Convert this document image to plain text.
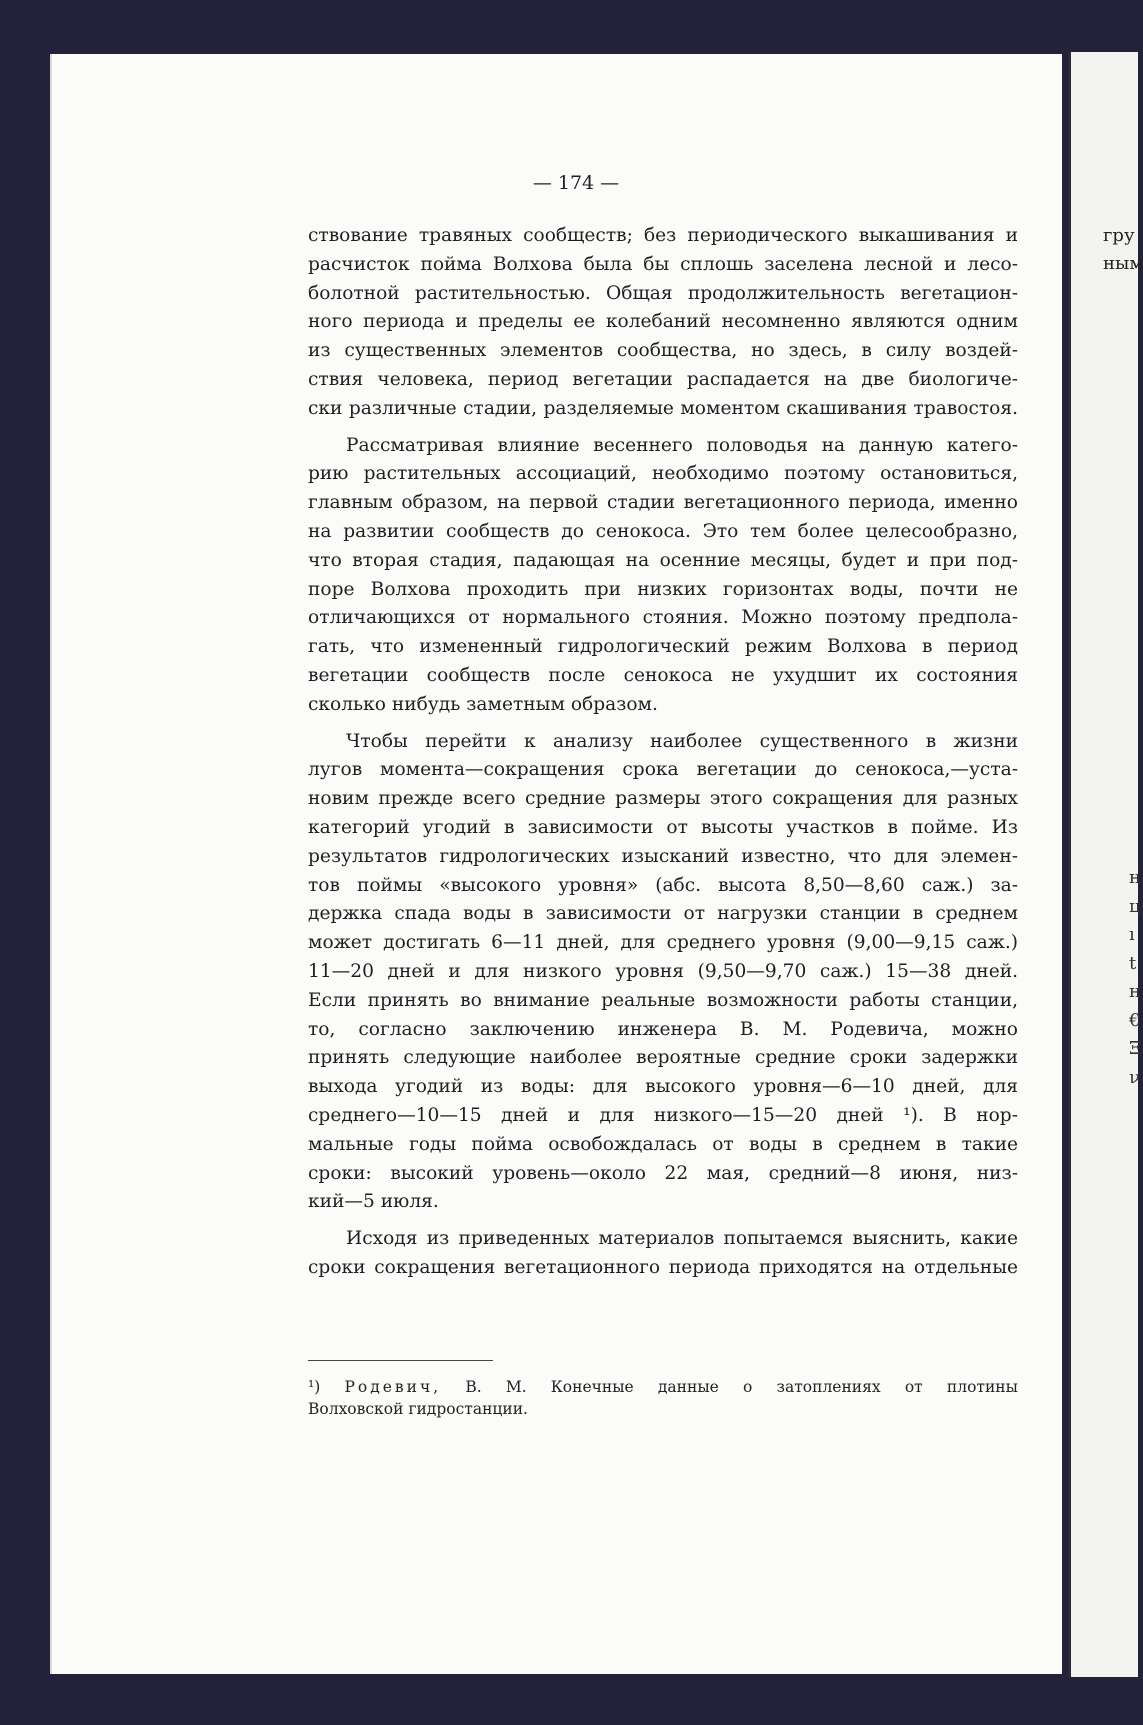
— 174 —
ствование травяных сообществ; без периодического выкашивания и
расчисток пойма Волхова была бы сплошь заселена лесной и лесо-
болотной растительностью. Общая продолжительность вегетацион-
ного периода и пределы ее колебаний несомненно являются одним
из существенных элементов сообщества, но здесь, в силу воздей-
ствия человека, период вегетации распадается на две биологиче-
ски различные стадии, разделяемые моментом скашивания травостоя.
Рассматривая влияние весеннего половодья на данную катего-
рию растительных ассоциаций, необходимо поэтому остановиться,
главным образом, на первой стадии вегетационного периода, именно
на развитии сообществ до сенокоса. Это тем более целесообразно,
что вторая стадия, падающая на осенние месяцы, будет и при под-
поре Волхова проходить при низких горизонтах воды, почти не
отличающихся от нормального стояния. Можно поэтому предпола-
гать, что измененный гидрологический режим Волхова в период
вегетации сообществ после сенокоса не ухудшит их состояния
сколько нибудь заметным образом.
Чтобы перейти к анализу наиболее существенного в жизни
лугов момента—сокращения срока вегетации до сенокоса,—уста-
новим прежде всего средние размеры этого сокращения для разных
категорий угодий в зависимости от высоты участков в пойме. Из
результатов гидрологических изысканий известно, что для элемен-
тов поймы «высокого уровня» (абс. высота 8,50—8,60 саж.) за-
держка спада воды в зависимости от нагрузки станции в среднем
может достигать 6—11 дней, для среднего уровня (9,00—9,15 саж.)
11—20 дней и для низкого уровня (9,50—9,70 саж.) 15—38 дней.
Если принять во внимание реальные возможности работы станции,
то, согласно заключению инженера В. М. Родевича, можно
принять следующие наиболее вероятные средние сроки задержки
выхода угодий из воды: для высокого уровня—6—10 дней, для
среднего—10—15 дней и для низкого—15—20 дней ¹). В нор-
мальные годы пойма освобождалась от воды в среднем в такие
сроки: высокий уровень—около 22 мая, средний—8 июня, низ-
кий—5 июля.
Исходя из приведенных материалов попытаемся выяснить, какие
сроки сокращения вегетационного периода приходятся на отдельные
¹) Родевич, В. М. Конечные данные о затоплениях от плотины
Волховской гидростанции.
гру
ным
н
ц
ı
t
н
€
Ξ
ν
